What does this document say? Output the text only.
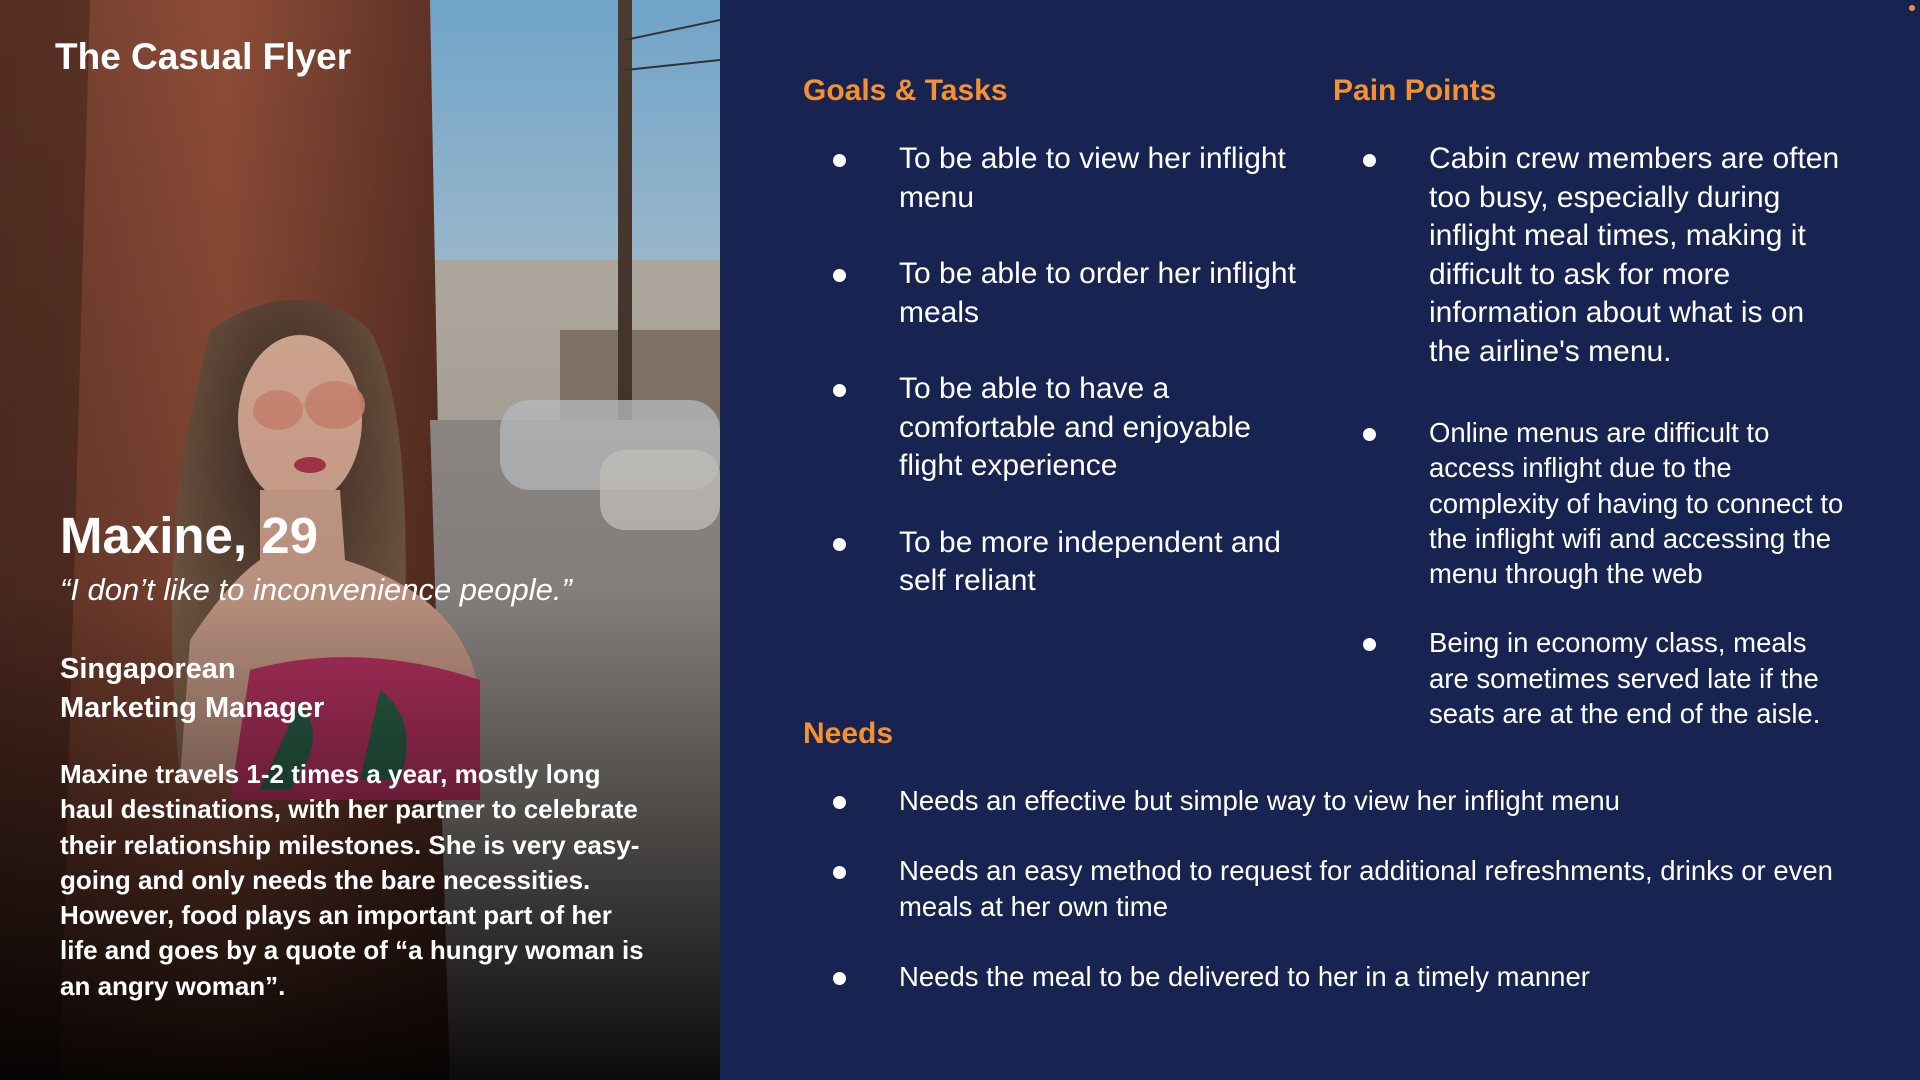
The Casual Flyer
Maxine, 29
“I don’t like to inconvenience people.”
Singaporean
Marketing Manager
Maxine travels 1-2 times a year, mostly long haul destinations, with her partner to celebrate their relationship milestones. She is very easy-going and only needs the bare necessities. However, food plays an important part of her life and goes by a quote of “a hungry woman is an angry woman”.
Goals & Tasks
To be able to view her inflight menu
To be able to order her inflight meals
To be able to have a comfortable and enjoyable flight experience
To be more independent and self reliant
Pain Points
Cabin crew members are often too busy, especially during inflight meal times, making it difficult to ask for more information about what is on the airline's menu.
Online menus are difficult to access inflight due to the complexity of having to connect to the inflight wifi and accessing the menu through the web
Being in economy class, meals are sometimes served late if the seats are at the end of the aisle.
Needs
Needs an effective but simple way to view her inflight menu
Needs an easy method to request for additional refreshments, drinks or even meals at her own time
Needs the meal to be delivered to her in a timely manner
